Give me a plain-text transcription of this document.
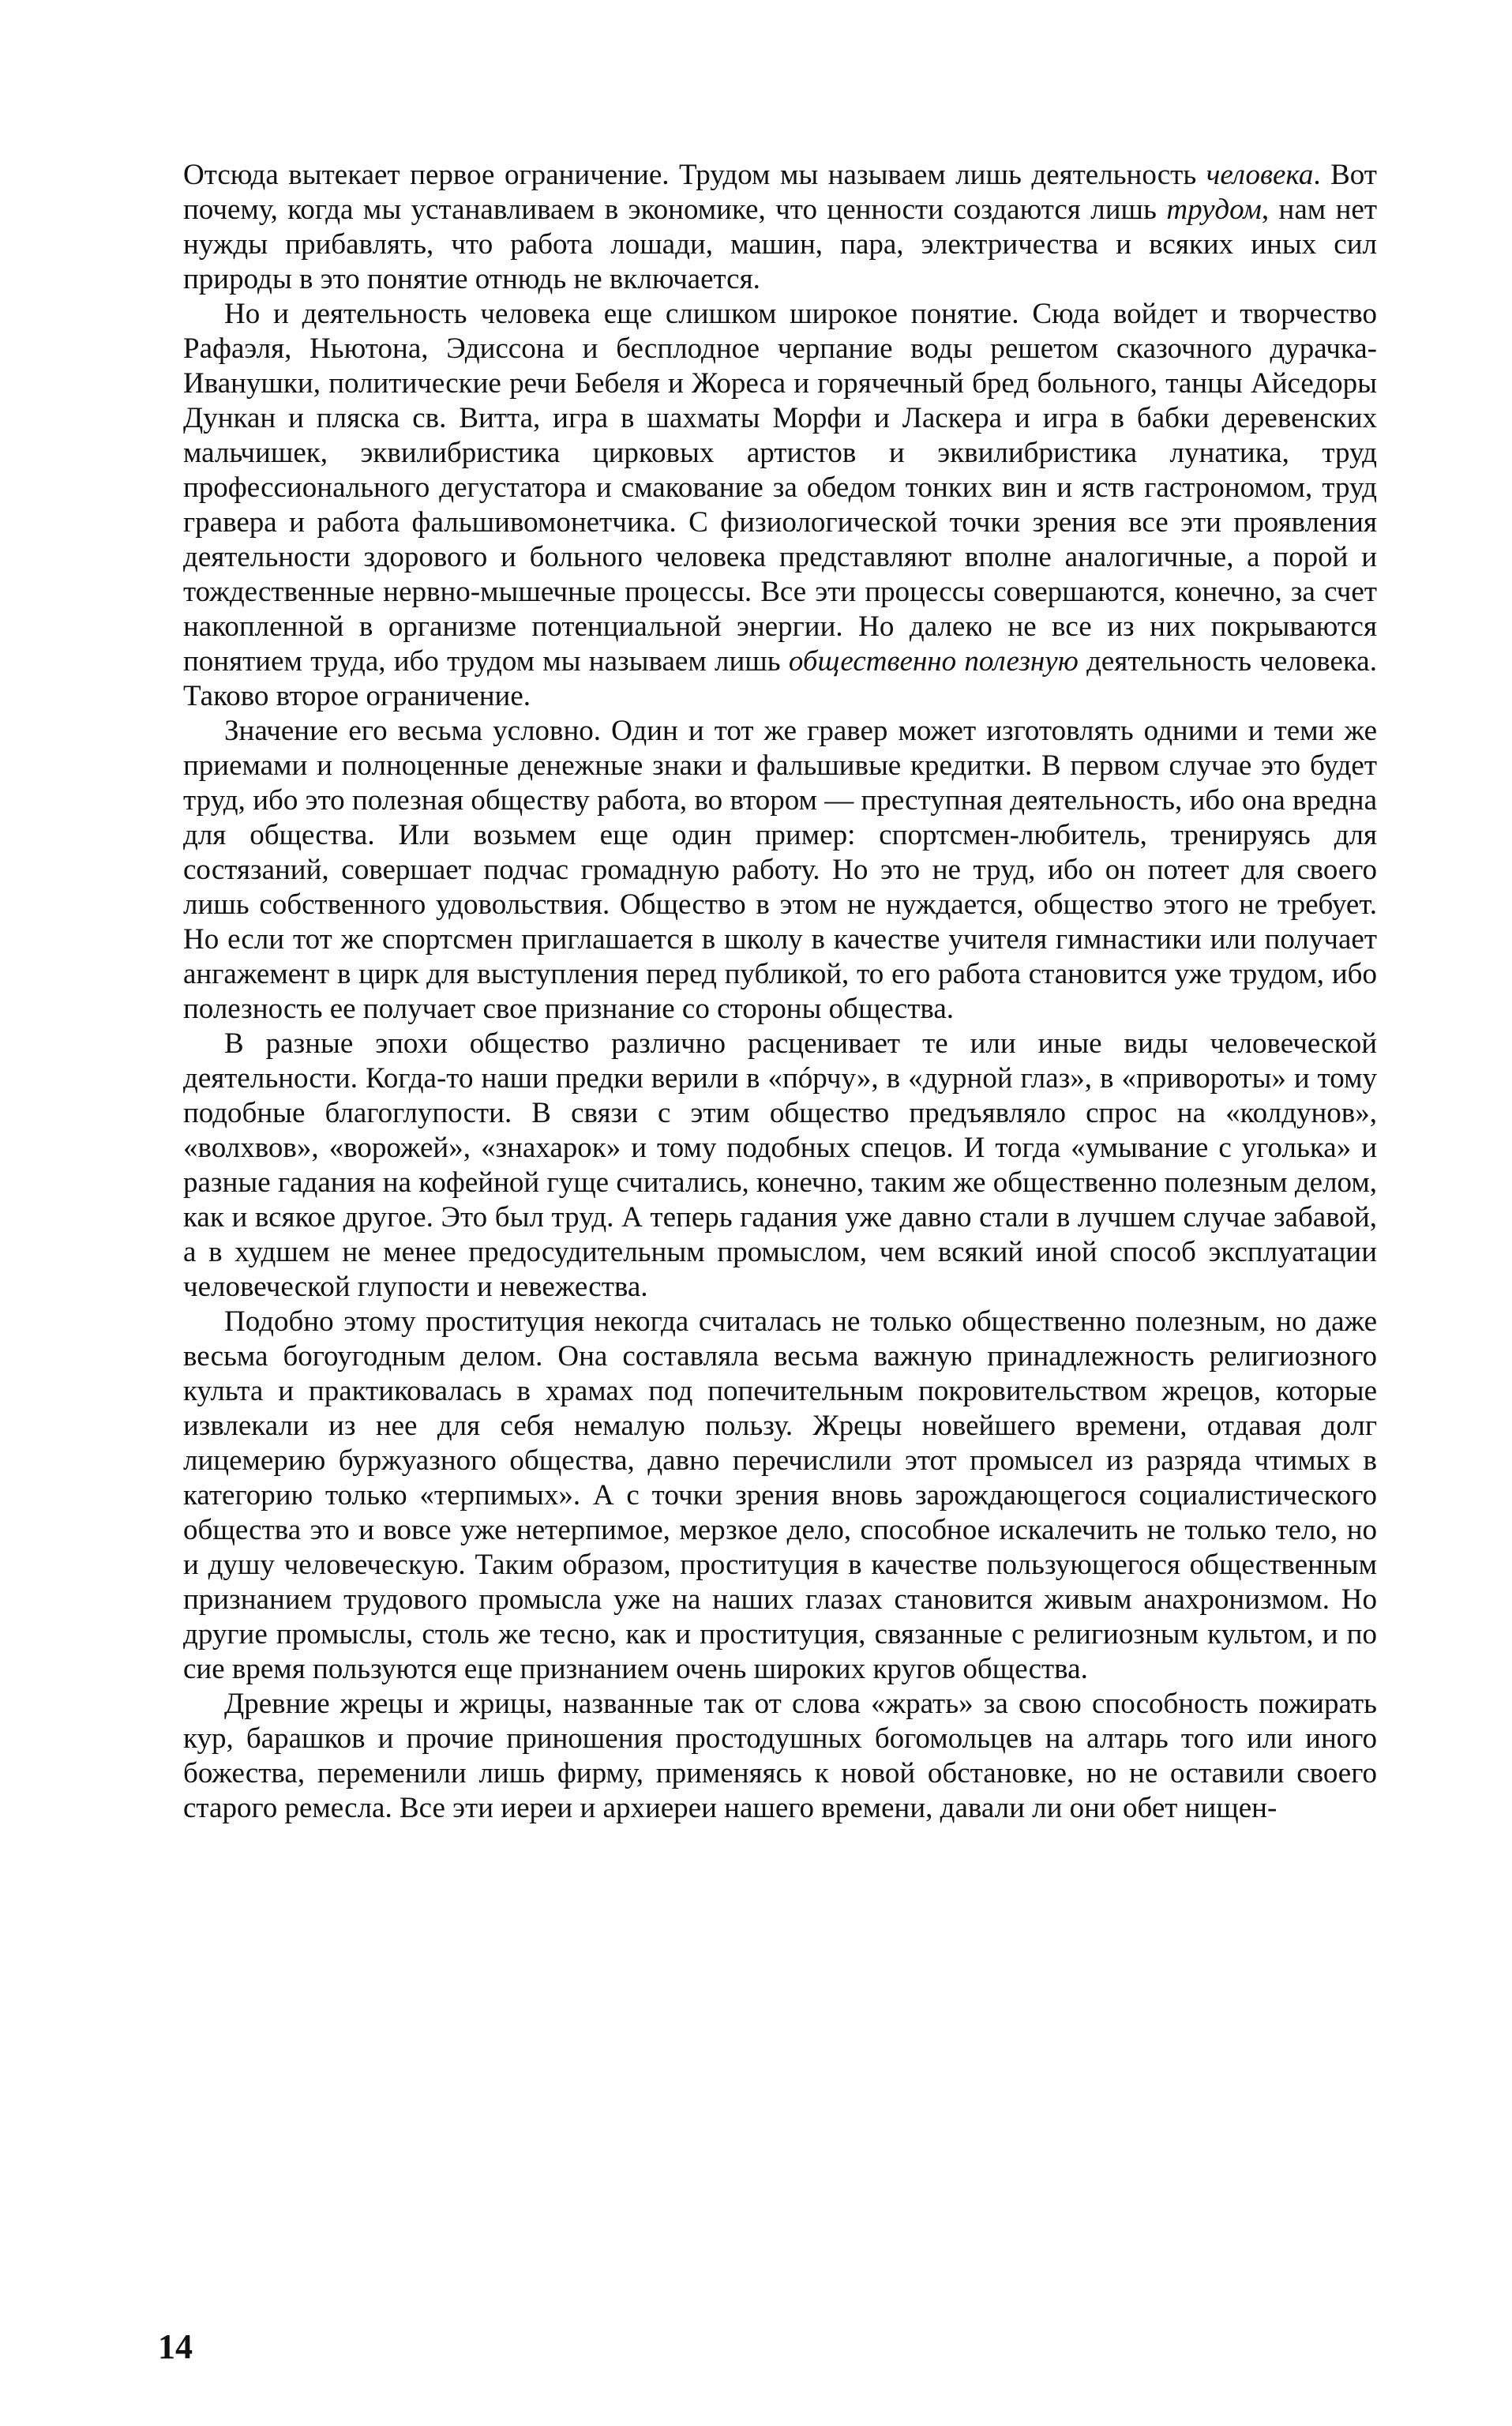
Отсюда вытекает первое ограничение. Трудом мы называем лишь деятельность человека. Вот почему, когда мы устанавливаем в экономике, что ценности создаются лишь трудом, нам нет нужды прибавлять, что работа лошади, машин, пара, электричества и всяких иных сил природы в это понятие отнюдь не включается.

Но и деятельность человека еще слишком широкое понятие. Сюда войдет и творчество Рафаэля, Ньютона, Эдиссона и бесплодное черпание воды решетом сказочного дурачка-Иванушки, политические речи Бебеля и Жореса и горячечный бред больного, танцы Айседоры Дункан и пляска св. Витта, игра в шахматы Морфи и Ласкера и игра в бабки деревенских мальчишек, эквилибристика цирковых артистов и эквилибристика лунатика, труд профессионального дегустатора и смакование за обедом тонких вин и яств гастрономом, труд гравера и работа фальшивомонетчика. С физиологической точки зрения все эти проявления деятельности здорового и больного человека представляют вполне аналогичные, а порой и тождественные нервно-мышечные процессы. Все эти процессы совершаются, конечно, за счет накопленной в организме потенциальной энергии. Но далеко не все из них покрываются понятием труда, ибо трудом мы называем лишь общественно полезную деятельность человека. Таково второе ограничение.

Значение его весьма условно. Один и тот же гравер может изготовлять одними и теми же приемами и полноценные денежные знаки и фальшивые кредитки. В первом случае это будет труд, ибо это полезная обществу работа, во втором — преступная деятельность, ибо она вредна для общества. Или возьмем еще один пример: спортсмен-любитель, тренируясь для состязаний, совершает подчас громадную работу. Но это не труд, ибо он потеет для своего лишь собственного удовольствия. Общество в этом не нуждается, общество этого не требует. Но если тот же спортсмен приглашается в школу в качестве учителя гимнастики или получает ангажемент в цирк для выступления перед публикой, то его работа становится уже трудом, ибо полезность ее получает свое признание со стороны общества.

В разные эпохи общество различно расценивает те или иные виды человеческой деятельности. Когда-то наши предки верили в «пóрчу», в «дурной глаз», в «привороты» и тому подобные благоглупости. В связи с этим общество предъявляло спрос на «колдунов», «волхвов», «ворожей», «знахарок» и тому подобных спецов. И тогда «умывание с уголька» и разные гадания на кофейной гуще считались, конечно, таким же общественно полезным делом, как и всякое другое. Это был труд. А теперь гадания уже давно стали в лучшем случае забавой, а в худшем не менее предосудительным промыслом, чем всякий иной способ эксплуатации человеческой глупости и невежества.

Подобно этому проституция некогда считалась не только общественно полезным, но даже весьма богоугодным делом. Она составляла весьма важную принадлежность религиозного культа и практиковалась в храмах под попечительным покровительством жрецов, которые извлекали из нее для себя немалую пользу. Жрецы новейшего времени, отдавая долг лицемерию буржуазного общества, давно перечислили этот промысел из разряда чтимых в категорию только «терпимых». А с точки зрения вновь зарождающегося социалистического общества это и вовсе уже нетерпимое, мерзкое дело, способное искалечить не только тело, но и душу человеческую. Таким образом, проституция в качестве пользующегося общественным признанием трудового промысла уже на наших глазах становится живым анахронизмом. Но другие промыслы, столь же тесно, как и проституция, связанные с религиозным культом, и по сие время пользуются еще признанием очень широких кругов общества.

Древние жрецы и жрицы, названные так от слова «жрать» за свою способность пожирать кур, барашков и прочие приношения простодушных богомольцев на алтарь того или иного божества, переменили лишь фирму, применяясь к новой обстановке, но не оставили своего старого ремесла. Все эти иереи и архиереи нашего времени, давали ли они обет нищен-

14
